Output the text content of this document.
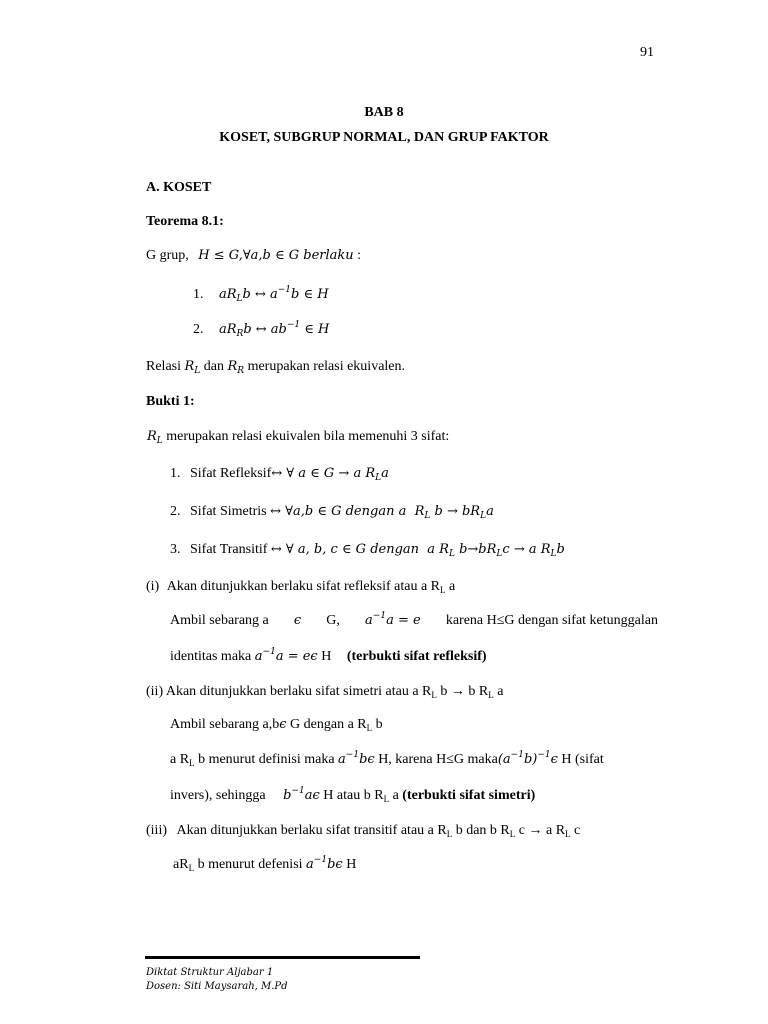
91
BAB 8
KOSET, SUBGRUP NORMAL, DAN GRUP FAKTOR
A. KOSET
Teorema 8.1:
G grup, H ≤ G,∀a,b ∈ G berlaku :
1. $aR_Lb$ ↔ $a^{-1}b$ ∈ H
2. $aR_Rb$ ↔ $ab^{-1}$ ∈ H
Relasi $R_L$ dan $R_R$ merupakan relasi ekuivalen.
Bukti 1:
$R_L$ merupakan relasi ekuivalen bila memenuhi 3 sifat:
1. Sifat Refleksif↔ ∀ a ∈ G → a $R_La$
2. Sifat Simetris ↔ ∀a,b ∈ G dengan a  $R_L$ $b \to bR_La$
3. Sifat Transitif ↔ ∀ a, b, c ∈ G dengan  a $R_L$ $b\to bR_Lc \to a$ $R_Lb$
(i) Akan ditunjukkan berlaku sifat refleksif atau a $R_L$ a
Ambil sebarang a ϵ G, $a^{-1}a = e$ karena H≤G dengan sifat ketunggalan
identitas maka $a^{-1}a = e\epsilon$ H (terbukti sifat refleksif)
(ii) Akan ditunjukkan berlaku sifat simetri atau a $R_L$ b → b $R_L$ a
Ambil sebarang a,bϵ G dengan a $R_L$ b
a $R_L$ b menurut definisi maka $a^{-1}b\epsilon$ H, karena H≤G $maka(a^{-1}b)^{-1}\epsilon$ H (sifat
invers), sehingga $b^{-1}a\epsilon$ H atau b $R_L$ a (terbukti sifat simetri)
(iii) Akan ditunjukkan berlaku sifat transitif atau a $R_L$ b dan b $R_L$ c → a $R_L$ c
$aR_L$ b menurut defenisi $a^{-1}b\epsilon$ H
Diktat Struktur Aljabar 1
Dosen: Siti Maysarah, M.Pd
